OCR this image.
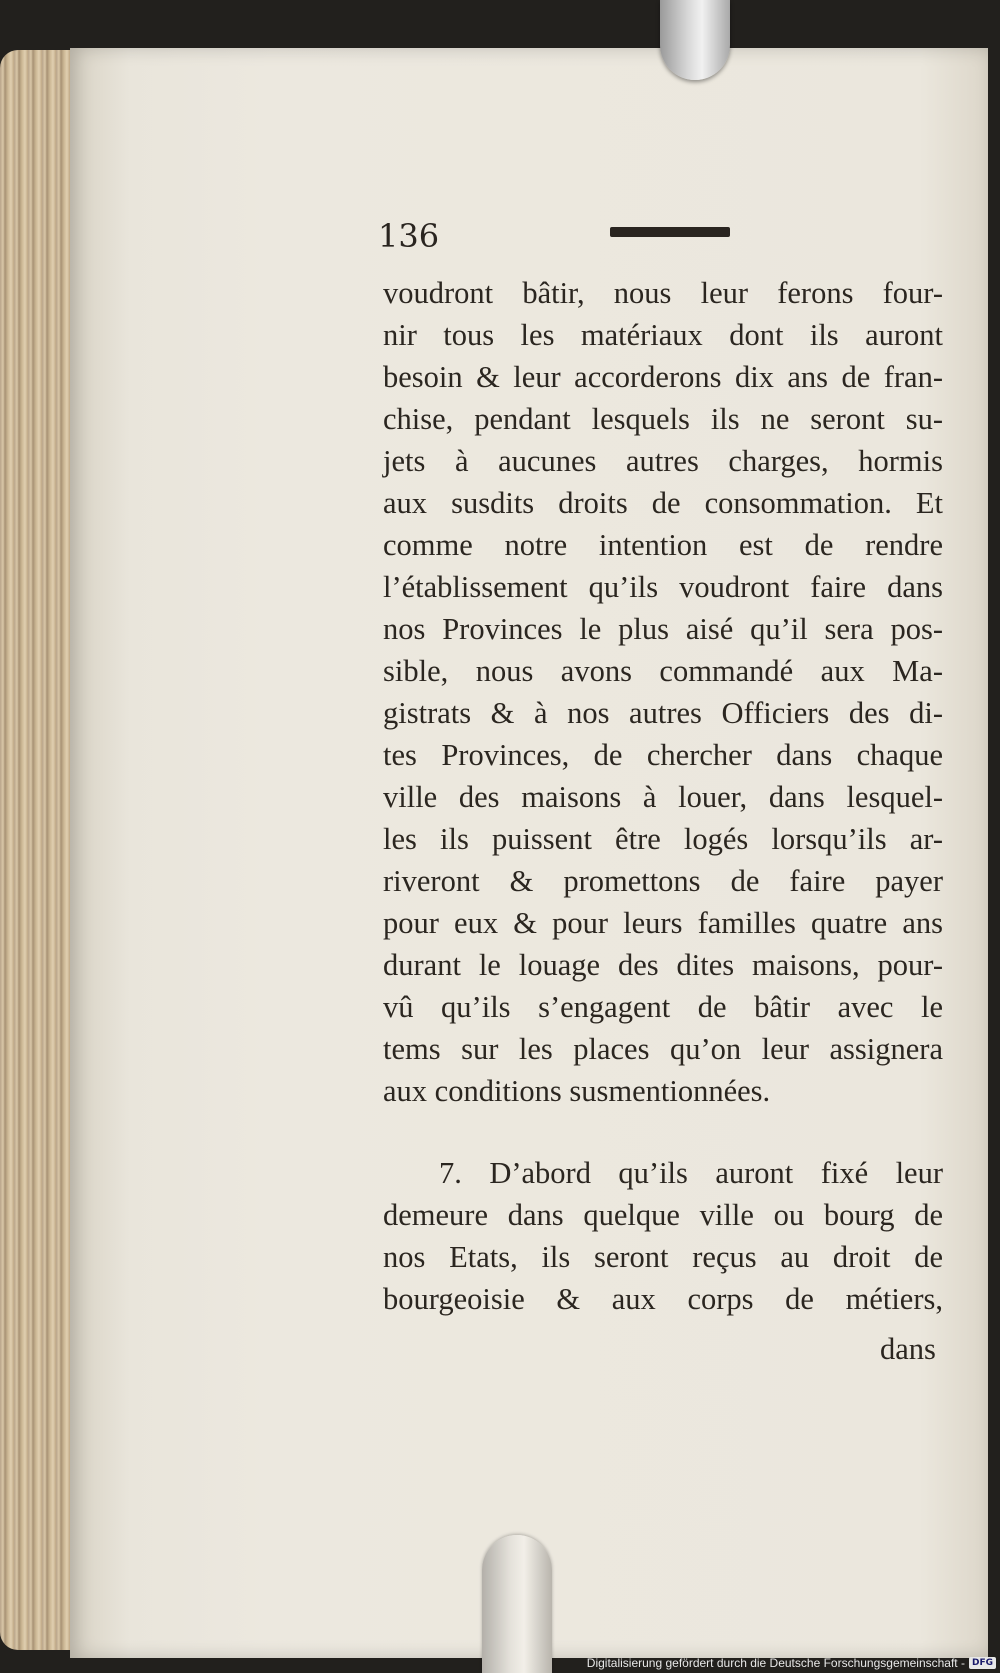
136
voudront bâtir, nous leur ferons four-
nir tous les matériaux dont ils auront
besoin & leur accorderons dix ans de fran-
chise, pendant lesquels ils ne seront su-
jets à aucunes autres charges, hormis
aux susdits droits de consommation. Et
comme notre intention est de rendre
l’établissement qu’ils voudront faire dans
nos Provinces le plus aisé qu’il sera pos-
sible, nous avons commandé aux Ma-
gistrats & à nos autres Officiers des di-
tes Provinces, de chercher dans chaque
ville des maisons à louer, dans lesquel-
les ils puissent être logés lorsqu’ils ar-
riveront & promettons de faire payer
pour eux & pour leurs familles quatre ans
durant le louage des dites maisons, pour-
vû qu’ils s’engagent de bâtir avec le
tems sur les places qu’on leur assignera
aux conditions susmentionnées.
7. D’abord qu’ils auront fixé leur
demeure dans quelque ville ou bourg de
nos Etats, ils seront reçus au droit de
bourgeoisie & aux corps de métiers,
dans
Digitalisierung gefördert durch die Deutsche Forschungsgemeinschaft - DFG
